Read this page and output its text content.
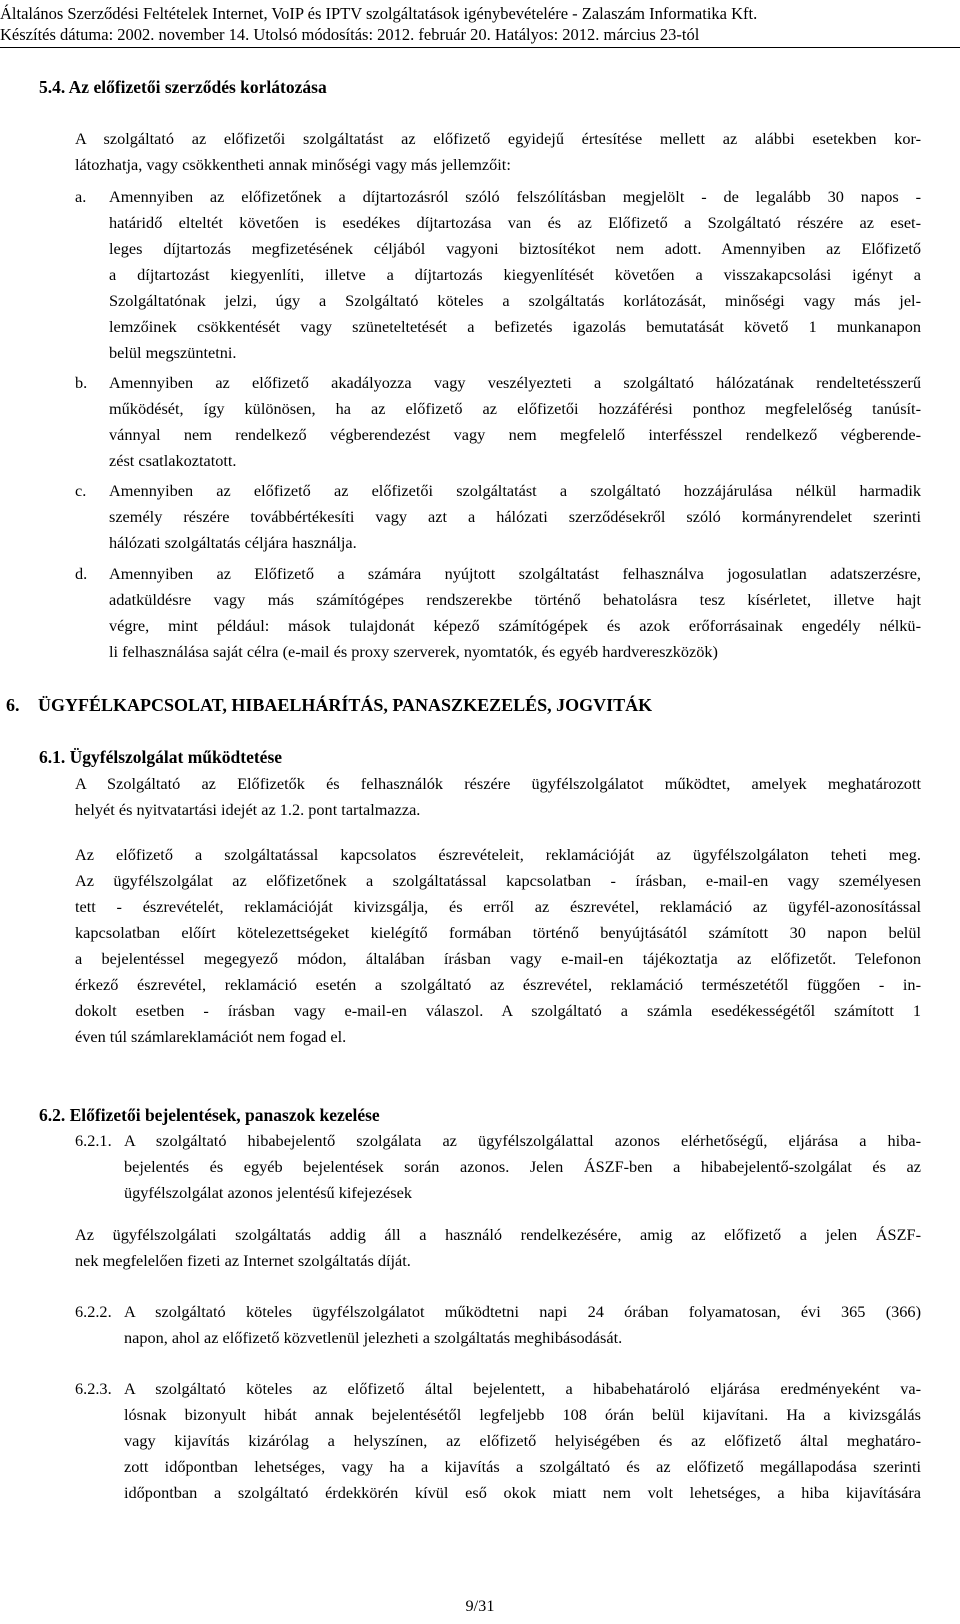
Általános Szerződési Feltételek Internet, VoIP és IPTV szolgáltatások igénybevételére - Zalaszám Informatika Kft.
Készítés dátuma: 2002. november 14. Utolsó módosítás: 2012. február 20. Hatályos: 2012. március 23-tól
5.4. Az előfizetői szerződés korlátozása
A szolgáltató az előfizetői szolgáltatást az előfizető egyidejű értesítése mellett az alábbi esetekben kor-
látozhatja, vagy csökkentheti annak minőségi vagy más jellemzőit:
a. Amennyiben az előfizetőnek a díjtartozásról szóló felszólításban megjelölt - de legalább 30 napos -
határidő elteltét követően is esedékes díjtartozása van és az Előfizető a Szolgáltató részére az eset-
leges díjtartozás megfizetésének céljából vagyoni biztosítékot nem adott. Amennyiben az Előfizető
a díjtartozást kiegyenlíti, illetve a díjtartozás kiegyenlítését követően a visszakapcsolási igényt a
Szolgáltatónak jelzi, úgy a Szolgáltató köteles a szolgáltatás korlátozását, minőségi vagy más jel-
lemzőinek csökkentését vagy szüneteltetését a befizetés igazolás bemutatását követő 1 munkanapon
belül megszüntetni.
b. Amennyiben az előfizető akadályozza vagy veszélyezteti a szolgáltató hálózatának rendeltetésszerű
működését, így különösen, ha az előfizető az előfizetői hozzáférési ponthoz megfelelőség tanúsít-
vánnyal nem rendelkező végberendezést vagy nem megfelelő interfésszel rendelkező végberende-
zést csatlakoztatott.
c. Amennyiben az előfizető az előfizetői szolgáltatást a szolgáltató hozzájárulása nélkül harmadik
személy részére továbbértékesíti vagy azt a hálózati szerződésekről szóló kormányrendelet szerinti
hálózati szolgáltatás céljára használja.
d. Amennyiben az Előfizető a számára nyújtott szolgáltatást felhasználva jogosulatlan adatszerzésre,
adatküldésre vagy más számítógépes rendszerekbe történő behatolásra tesz kísérletet, illetve hajt
végre, mint például: mások tulajdonát képező számítógépek és azok erőforrásainak engedély nélkü-
li felhasználása saját célra (e-mail és proxy szerverek, nyomtatók, és egyéb hardvereszközök)
6. ÜGYFÉLKAPCSOLAT, HIBAELHÁRÍTÁS, PANASZKEZELÉS, JOGVITÁK
6.1. Ügyfélszolgálat működtetése
A Szolgáltató az Előfizetők és felhasználók részére ügyfélszolgálatot működtet, amelyek meghatározott
helyét és nyitvatartási idejét az 1.2. pont tartalmazza.
Az előfizető a szolgáltatással kapcsolatos észrevételeit, reklamációját az ügyfélszolgálaton teheti meg.
Az ügyfélszolgálat az előfizetőnek a szolgáltatással kapcsolatban - írásban, e-mail-en vagy személyesen
tett - észrevételét, reklamációját kivizsgálja, és erről az észrevétel, reklamáció az ügyfél-azonosítással
kapcsolatban előírt kötelezettségeket kielégítő formában történő benyújtásától számított 30 napon belül
a bejelentéssel megegyező módon, általában írásban vagy e-mail-en tájékoztatja az előfizetőt. Telefonon
érkező észrevétel, reklamáció esetén a szolgáltató az észrevétel, reklamáció természetétől függően - in-
dokolt esetben - írásban vagy e-mail-en válaszol. A szolgáltató a számla esedékességétől számított 1
éven túl számlareklamációt nem fogad el.
6.2. Előfizetői bejelentések, panaszok kezelése
6.2.1. A szolgáltató hibabejelentő szolgálata az ügyfélszolgálattal azonos elérhetőségű, eljárása a hiba-
bejelentés és egyéb bejelentések során azonos. Jelen ÁSZF-ben a hibabejelentő-szolgálat és az
ügyfélszolgálat azonos jelentésű kifejezések
Az ügyfélszolgálati szolgáltatás addig áll a használó rendelkezésére, amig az előfizető a jelen ÁSZF-
nek megfelelően fizeti az Internet szolgáltatás díját.
6.2.2. A szolgáltató köteles ügyfélszolgálatot működtetni napi 24 órában folyamatosan, évi 365 (366)
napon, ahol az előfizető közvetlenül jelezheti a szolgáltatás meghibásodását.
6.2.3. A szolgáltató köteles az előfizető által bejelentett, a hibabehatároló eljárása eredményeként va-
lósnak bizonyult hibát annak bejelentésétől legfeljebb 108 órán belül kijavítani. Ha a kivizsgálás
vagy kijavítás kizárólag a helyszínen, az előfizető helyiségében és az előfizető által meghatáro-
zott időpontban lehetséges, vagy ha a kijavítás a szolgáltató és az előfizető megállapodása szerinti
időpontban a szolgáltató érdekkörén kívül eső okok miatt nem volt lehetséges, a hiba kijavítására
9/31
